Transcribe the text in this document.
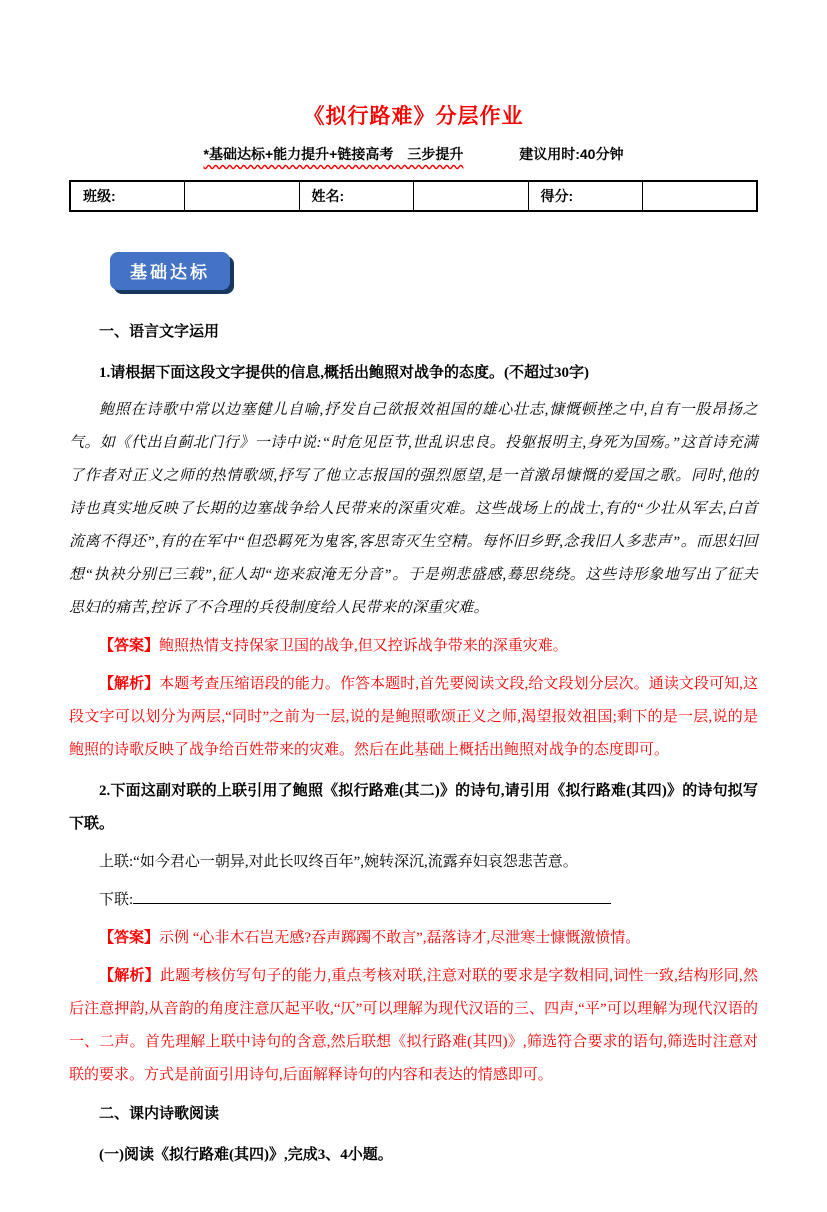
《拟行路难》分层作业
*基础达标+能力提升+链接高考　三步提升	建议用时:40分钟
班级:		姓名:		得分:	
基础达标

一、语言文字运用

1.请根据下面这段文字提供的信息,概括出鲍照对战争的态度。(不超过30字)

鲍照在诗歌中常以边塞健儿自喻,抒发自己欲报效祖国的雄心壮志,慷慨顿挫之中,自有一股昂扬之气。如《代出自蓟北门行》一诗中说:“时危见臣节,世乱识忠良。投躯报明主,身死为国殇。”这首诗充满了作者对正义之师的热情歌颂,抒写了他立志报国的强烈愿望,是一首激昂慷慨的爱国之歌。同时,他的诗也真实地反映了长期的边塞战争给人民带来的深重灾难。这些战场上的战士,有的“少壮从军去,白首流离不得还”,有的在军中“但恐羁死为鬼客,客思寄灭生空精。每怀旧乡野,念我旧人多悲声”。而思妇回想“执袂分别已三载”,征人却“迩来寂淹无分音”。于是朔悲盛感,蓦思绕绕。这些诗形象地写出了征夫思妇的痛苦,控诉了不合理的兵役制度给人民带来的深重灾难。

【答案】鲍照热情支持保家卫国的战争,但又控诉战争带来的深重灾难。

【解析】本题考查压缩语段的能力。作答本题时,首先要阅读文段,给文段划分层次。通读文段可知,这段文字可以划分为两层,“同时”之前为一层,说的是鲍照歌颂正义之师,渴望报效祖国;剩下的是一层,说的是鲍照的诗歌反映了战争给百姓带来的灾难。然后在此基础上概括出鲍照对战争的态度即可。

2.下面这副对联的上联引用了鲍照《拟行路难(其二)》的诗句,请引用《拟行路难(其四)》的诗句拟写下联。

上联:“如今君心一朝异,对此长叹终百年”,婉转深沉,流露弃妇哀怨悲苦意。

下联:

【答案】示例 “心非木石岂无感?吞声踯躅不敢言”,磊落诗才,尽泄寒士慷慨激愤情。

【解析】此题考核仿写句子的能力,重点考核对联,注意对联的要求是字数相同,词性一致,结构形同,然后注意押韵,从音韵的角度注意仄起平收,“仄”可以理解为现代汉语的三、四声,“平”可以理解为现代汉语的一、二声。首先理解上联中诗句的含意,然后联想《拟行路难(其四)》,筛选符合要求的语句,筛选时注意对联的要求。方式是前面引用诗句,后面解释诗句的内容和表达的情感即可。

二、课内诗歌阅读

(一)阅读《拟行路难(其四)》,完成3、4小题。
